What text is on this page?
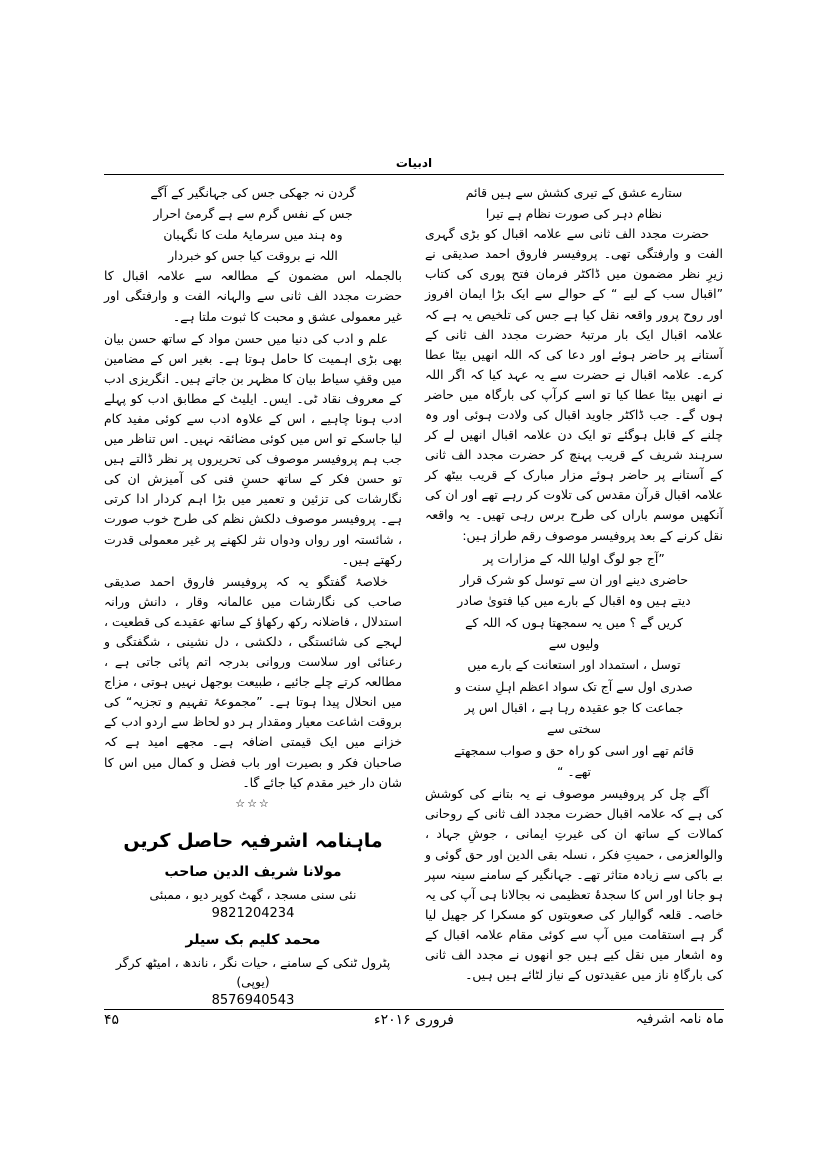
ادبیات
ستارے عشق کے تیری کشش سے ہیں قائم
نظام دہر کی صورت نظام ہے تیرا

حضرت مجدد الف ثانی سے علامہ اقبال کو بڑی گہری الفت و وارفتگی تھی۔ پروفیسر فاروق احمد صدیقی نے زیرِ نظر مضمون میں ڈاکٹر فرمان فتح پوری کی کتاب ”اقبال سب کے لیے “ کے حوالے سے ایک بڑا ایمان افروز اور روح پرور واقعہ نقل کیا ہے جس کی تلخیص یہ ہے کہ علامہ اقبال ایک بار مرتبۂ حضرت مجدد الف ثانی کے آستانے پر حاضر ہوئے اور دعا کی کہ اللہ انھیں بیٹا عطا کرے۔ علامہ اقبال نے حضرت سے یہ عہد کیا کہ اگر اللہ نے انھیں بیٹا عطا کیا تو اسے کرآپ کی بارگاہ میں حاضر ہوں گے۔ جب ڈاکٹر جاوید اقبال کی ولادت ہوئی اور وہ چلنے کے قابل ہوگئے تو ایک دن علامہ اقبال انھیں لے کر سرہند شریف کے قریب پہنچ کر حضرت مجدد الف ثانی کے آستانے پر حاضر ہوئے مزار مبارک کے قریب بیٹھ کر علامہ اقبال قرآن مقدس کی تلاوت کر رہے تھے اور ان کی آنکھیں موسم باراں کی طرح برس رہی تھیں۔ یہ واقعہ نقل کرنے کے بعد پروفیسر موصوف رقم طراز ہیں:

”آج جو لوگ اولیا اللہ کے مزارات پر
حاضری دینے اور ان سے توسل کو شرک قرار
دیتے ہیں وہ اقبال کے بارے میں کیا فتویٰ صادر
کریں گے ؟ میں یہ سمجھتا ہوں کہ اللہ کے ولیوں سے
توسل ، استمداد اور استعانت کے بارے میں
صدری اول سے آج تک سواد اعظم اہلِ سنت و
جماعت کا جو عقیدہ رہا ہے ، اقبال اس پر سختی سے
قائم تھے اور اسی کو راہ حق و صواب سمجھتے تھے۔ “

آگے چل کر پروفیسر موصوف نے یہ بتانے کی کوشش کی ہے کہ علامہ اقبال حضرت مجدد الف ثانی کے روحانی کمالات کے ساتھ ان کی غیرتِ ایمانی ، جوشِ جہاد ، والوالعزمی ، حمیتِ فکر ، نسلہ بقی الدین اور حق گوئی و بے باکی سے زیادہ متاثر تھے۔ جہانگیر کے سامنے سینہ سپر ہو جانا اور اس کا سجدۂ تعظیمی نہ بجالانا ہی آپ کی یہ خاصہ۔ قلعہ گوالیار کی صعوبتوں کو مسکرا کر جھیل لیا گر ہے استقامت میں آپ سے کوئی مقام علامہ اقبال کے وہ اشعار میں نقل کیے ہیں جو انھوں نے مجدد الف ثانی کی بارگاہِ ناز میں عقیدتوں کے نیاز لٹائے ہیں ہیں۔

گردن نہ جھکی جس کی جہانگیر کے آگے
جس کے نفس گرم سے ہے گرمئ احرار
وہ ہند میں سرمایۂ ملت کا نگہبان
اللہ نے بروقت کیا جس کو خبردار

بالجملہ اس مضمون کے مطالعہ سے علامہ اقبال کا حضرت مجدد الف ثانی سے والہانہ الفت و وارفتگی اور غیر معمولی عشق و محبت کا ثبوت ملتا ہے۔

علم و ادب کی دنیا میں حسن مواد کے ساتھ حسن بیان بھی بڑی اہمیت کا حامل ہوتا ہے۔ بغیر اس کے مضامین میں وقفِ سیاط بیان کا مظہر بن جاتے ہیں۔ انگریزی ادب کے معروف نقاد ٹی۔ ایس۔ ایلیٹ کے مطابق ادب کو پہلے ادب ہونا چاہیے ، اس کے علاوہ ادب سے کوئی مفید کام لیا جاسکے تو اس میں کوئی مضائقہ نہیں۔ اس تناظر میں جب ہم پروفیسر موصوف کی تحریروں پر نظر ڈالتے ہیں تو حسن فکر کے ساتھ حسنِ فنی کی آمیزش ان کی نگارشات کی تزئین و تعمیر میں بڑا اہم کردار ادا کرتی ہے۔ پروفیسر موصوف دلکش نظم کی طرح خوب صورت ، شائستہ اور رواں ودواں نثر لکھنے پر غیر معمولی قدرت رکھتے ہیں۔

خلاصۂ گفتگو یہ کہ پروفیسر فاروق احمد صدیقی صاحب کی نگارشات میں عالمانہ وقار ، دانش ورانہ استدلال ، فاضلانہ رکھ رکھاؤ کے ساتھ عقیدے کی قطعیت ، لہجے کی شائستگی ، دلکشی ، دل نشینی ، شگفتگی و رعنائی اور سلاست وروانی بدرجہ اتم پائی جاتی ہے ، مطالعہ کرتے چلے جائیے ، طبیعت بوجھل نہیں ہوتی ، مزاج میں انحلال پیدا ہوتا ہے۔ ”مجموعۂ تفہیم و تجزیہ“ کی بروقت اشاعت معیار ومقدار ہر دو لحاظ سے اردو ادب کے خزانے میں ایک قیمتی اضافہ ہے۔ مجھے امید ہے کہ صاحبان فکر و بصیرت اور باب فضل و کمال میں اس کا شان دار خیر مقدم کیا جائے گا۔

☆☆☆
ماہنامہ اشرفیہ حاصل کریں
مولانا شریف الدین صاحب
نئی سنی مسجد ، گھٹ کوپر دیو ، ممبئی
9821204234
محمد کلیم بک سیلر
پٹرول ٹنکی کے سامنے ، حیات نگر ، ناندھ ، امیٹھ کرگر (یوپی)
8576940543
ماہ نامہ اشرفیہ
فروری ۲۰۱۶ء
۴۵
